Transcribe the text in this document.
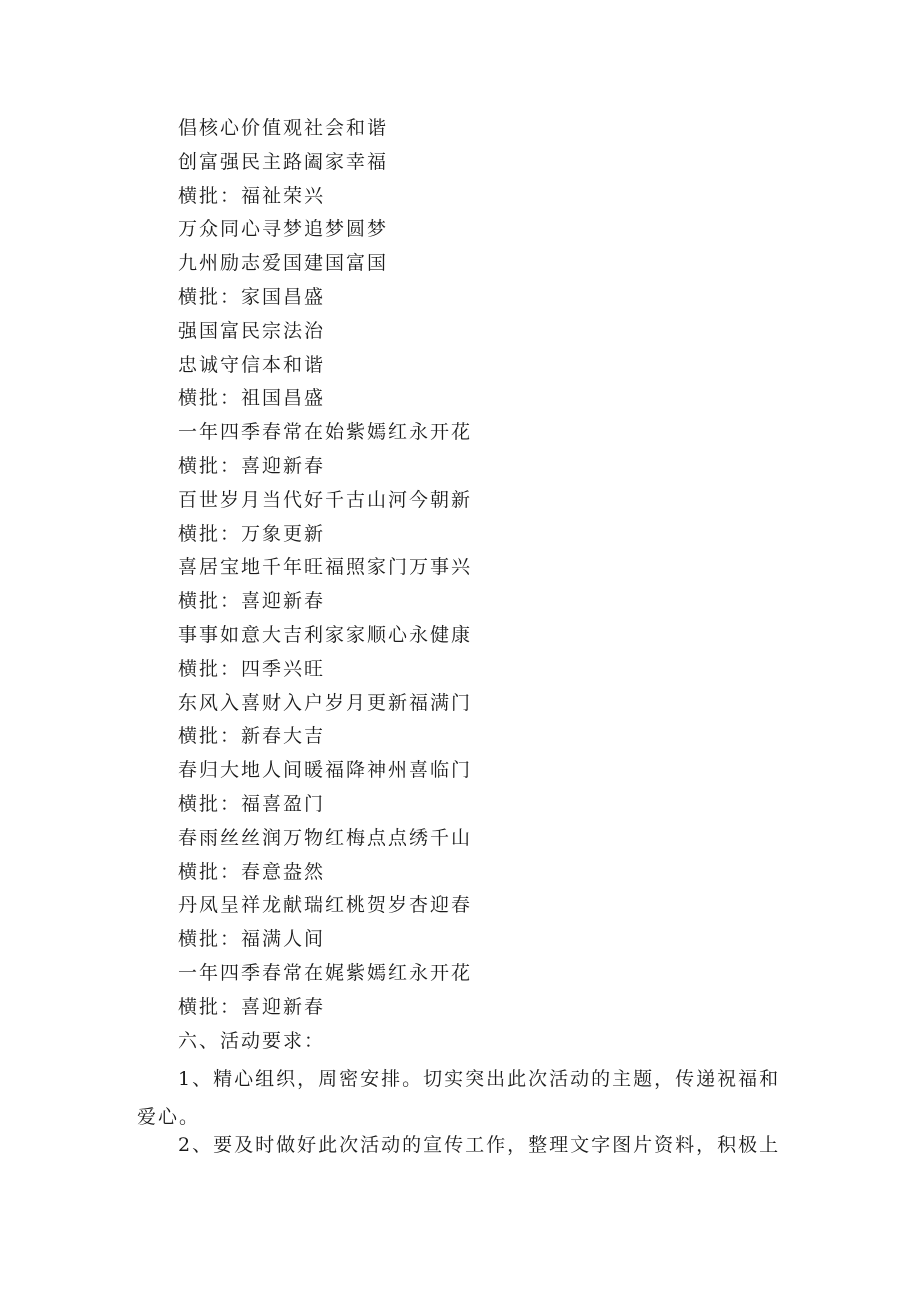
倡核心价值观社会和谐
创富强民主路阖家幸福
横批：福祉荣兴
万众同心寻梦追梦圆梦
九州励志爱国建国富国
横批：家国昌盛
强国富民宗法治
忠诚守信本和谐
横批：祖国昌盛
一年四季春常在始紫嫣红永开花
横批：喜迎新春
百世岁月当代好千古山河今朝新
横批：万象更新
喜居宝地千年旺福照家门万事兴
横批：喜迎新春
事事如意大吉利家家顺心永健康
横批：四季兴旺
东风入喜财入户岁月更新福满门
横批：新春大吉
春归大地人间暖福降神州喜临门
横批：福喜盈门
春雨丝丝润万物红梅点点绣千山
横批：春意盎然
丹凤呈祥龙献瑞红桃贺岁杏迎春
横批：福满人间
一年四季春常在娓紫嫣红永开花
横批：喜迎新春
六、活动要求：
1、精心组织，周密安排。切实突出此次活动的主题，传递祝福和爱心。
2、要及时做好此次活动的宣传工作，整理文字图片资料，积极上
